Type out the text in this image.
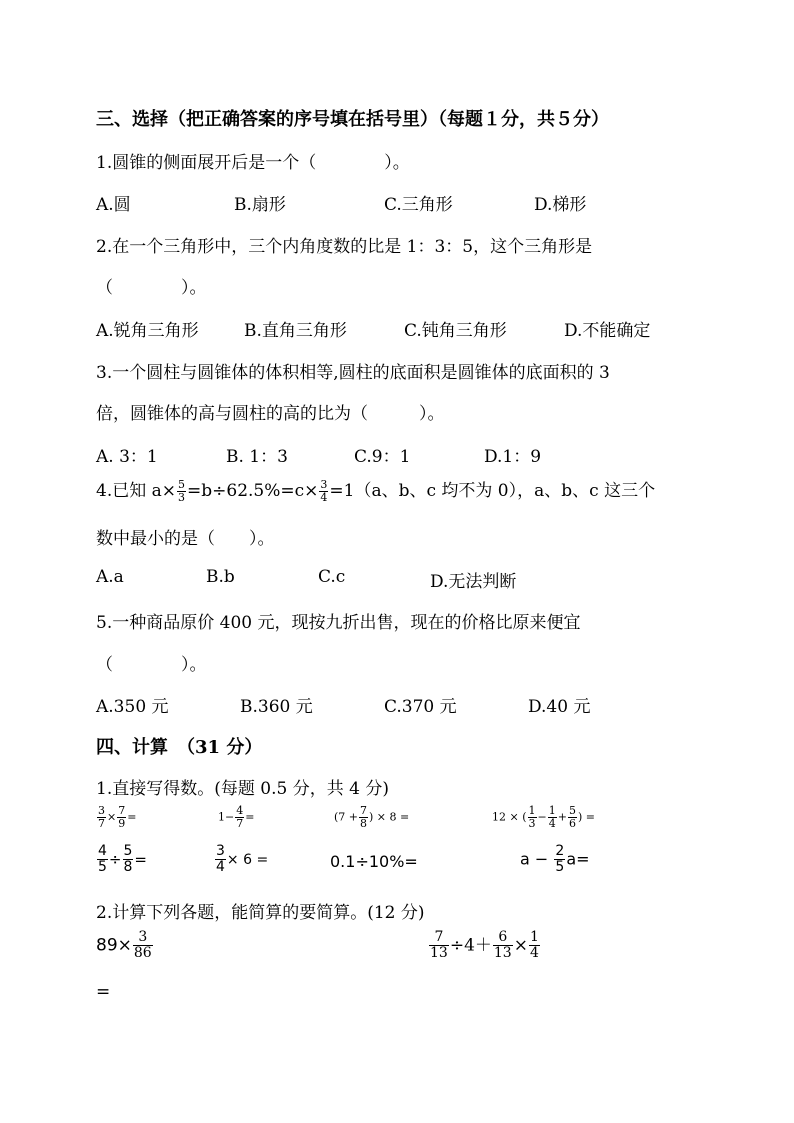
三、选择（把正确答案的序号填在括号里）（每题１分，共５分）
1.圆锥的侧面展开后是一个（　　　　）。
A.圆	B.扇形	C.三角形	D.梯形
2.在一个三角形中，三个内角度数的比是 1：3：5，这个三角形是
（　　　　）。
A.锐角三角形	B.直角三角形	C.钝角三角形	D.不能确定
3.一个圆柱与圆锥体的体积相等,圆柱的底面积是圆锥体的底面积的 3
倍，圆锥体的高与圆柱的高的比为（　　　）。
A. 3：1	B. 1：3	C.9：1	D.1：9
4.已知 $a\times \frac{5}{3} =b\div 62.5\%=c\times \frac{3}{4} =1(a$、b、c 均不为 0），a、b、c 这三个
数中最小的是（　　）。
A.a	B.b	C.c	D.无法判断
5.一种商品原价 400 元，现按九折出售，现在的价格比原来便宜
（　　　　）。
A.350 元	B.360 元	C.370 元	D.40 元
四、计算　（31 分）
1.直接写得数。(每题 0.5 分，共 4 分)
$\frac{3}{7} \times \frac{7}{9}$ =	$1- \frac{4}{7}$ =	($7 + \frac{7}{8}$ ) × 8 =	12 × ( $\frac{1}{3} - \frac{1}{4} + \frac{5}{6}$ ) =
$\frac{4}{5} \div \frac{5}{8}$ =	$\frac{3}{4} \times 6$ =	0.1÷10%=	$a - \frac{2}{5} a=$
2.计算下列各题，能简算的要简算。(12 分)
$89\times \frac{3}{86}$
=
$\frac{7}{13} \div 4+ \frac{6}{13} \times \frac{1}{4}$
